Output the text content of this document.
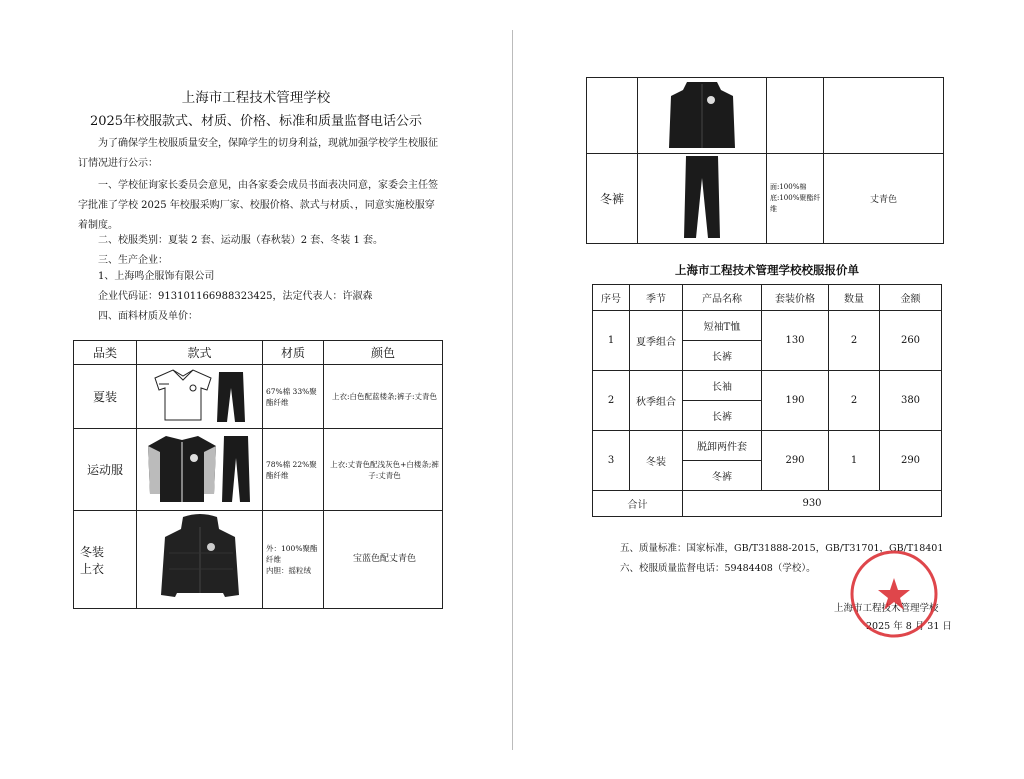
上海市工程技术管理学校
2025年校服款式、材质、价格、标准和质量监督电话公示
为了确保学生校服质量安全，保障学生的切身利益，现就加强学校学生校服征订情况进行公示：
一、学校征询家长委员会意见，由各家委会成员书面表决同意，家委会主任签字批准了学校 2025 年校服采购厂家、校服价格、款式与材质、，同意实施校服穿着制度。
二、校服类别：夏装 2 套、运动服（春秋装）2 套、冬装 1 套。
三、生产企业：
1、上海鸣企服饰有限公司
企业代码证：913101166988323425，法定代表人：许淑森
四、面料材质及单价：
品类	款式	材质	颜色
夏装		67%棉 33%聚酯纤维	上衣:白色配蓝楼条;裤子:丈青色
运动服		78%棉 22%聚酯纤维	上衣:丈青色配浅灰色+白楼条;裤子:丈青色
冬装
上衣		外：100%聚酯纤维
内胆：摇粒绒	宝蓝色配丈青色

冬裤		面:100%棉
底:100%聚酯纤维	丈青色
上海市工程技术管理学校校服报价单
序号	季节	产品名称	套装价格	数量	金额
1	夏季组合	短袖T恤	130	2	260
		长裤			
2	秋季组合	长袖	190	2	380
		长裤			
3	冬装	脱卸两件套	290	1	290
		冬裤			
合计		930			
五、质量标准：国家标准，GB/T31888-2015，GB/T31701，GB/T18401
六、校服质量监督电话：59484408（学校）。
上海市工程技术管理学校
2025 年 8 月 31 日
